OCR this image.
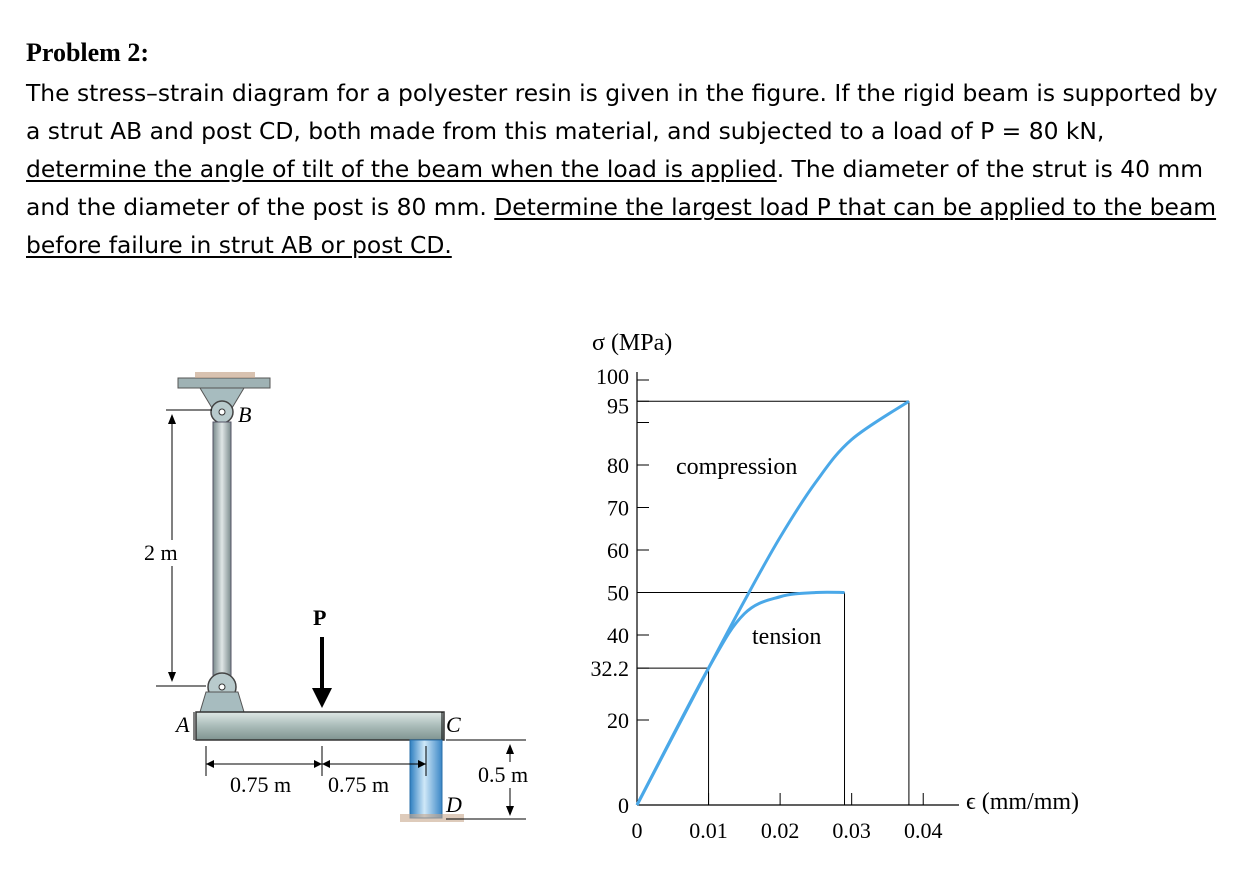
Problem 2:
The stress–strain diagram for a polyester resin is given in the figure. If the rigid beam is supported by a strut AB and post CD, both made from this material, and subjected to a load of P = 80 kN, determine the angle of tilt of the beam when the load is applied. The diameter of the strut is 40 mm and the diameter of the post is 80 mm. Determine the largest load P that can be applied to the beam before failure in strut AB or post CD.
B
2 m
A	C
P
D
0.75 m 0.75 m	0.5 m
0
20
32.2
40
50
60
70
80
95
100
0 0.01 0.02 0.03 0.04
σ (MPa)
ϵ (mm/mm)
compression
tension
